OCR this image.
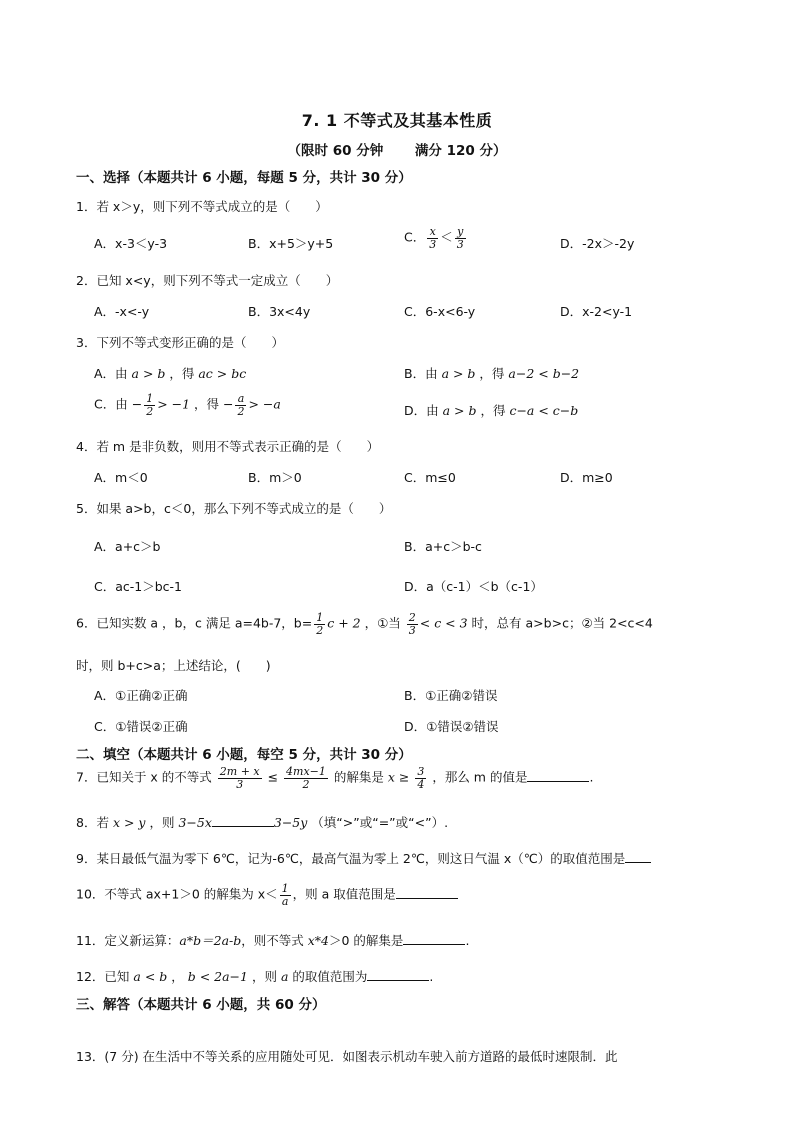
7. 1 不等式及其基本性质
（限时 60 分钟 　　满分 120 分）
一、选择（本题共计 6 小题，每题 5 分，共计 30 分）
1．若 x＞y，则下列不等式成立的是（　　）
A．x-3＜y-3	B．x+5＞y+5	C． $\frac{x}{3} < \frac{y}{3}$	D．-2x＞-2y
2．已知 x<y，则下列不等式一定成立（　　）
A．-x<-y	B．3x<4y	C．6-x<6-y	D．x-2<y-1
3．下列不等式变形正确的是（　　）
A．由 a > b ，得 ac > bc	B．由 a > b ，得 a−2 < b−2
C．由 − $\frac{1}{2} > -1$ ，得 − $\frac{a}{2} > -a$	D．由 a > b ，得 c−a < c−b
4．若 m 是非负数，则用不等式表示正确的是（　　）
A．m＜0	B．m＞0	C．m≤0	D．m≥0
5．如果 a>b，c＜0，那么下列不等式成立的是（　　）
A．a+c＞b	B．a+c＞b-c
C．ac-1＞bc-1	D．a（c-1）＜b（c-1）
6．已知实数 a ，b，c 满足 a=4b-7，$b= \frac{1}{2}$ c + 2 ，①当 $\frac{2}{3} < c < 3$ 时，总有 a>b>c；②当 2<c<4
时，则 b+c>a；上述结论，(　　)
A．①正确②正确	B．①正确②错误
C．①错误②正确	D．①错误②错误
二、填空（本题共计 6 小题，每空 5 分，共计 30 分）
7．已知关于 x 的不等式 $\frac{2m + x}{3} \le \frac{4mx-1}{2}$ 的解集是 $x \ge \frac{3}{4}$ ，那么 m 的值是	.
8．若 x > y ，则 3−5x	3−5y （填“>”或“=”或“<”）.
9．某日最低气温为零下 6℃，记为-6℃，最高气温为零上 2℃，则这日气温 x（℃）的取值范围是
10．不等式 ax+1＞0 的解集为 $x< \frac{1}{a}$ ，则 a 取值范围是
11．定义新运算：a*b＝2a-b，则不等式 x*4＞0 的解集是	.
12．已知 a < b ， b < 2a−1 ，则 a 的取值范围为	.
三、解答（本题共计 6 小题，共 60 分）
13．(7 分) 在生活中不等关系的应用随处可见．如图表示机动车驶入前方道路的最低时速限制．此
